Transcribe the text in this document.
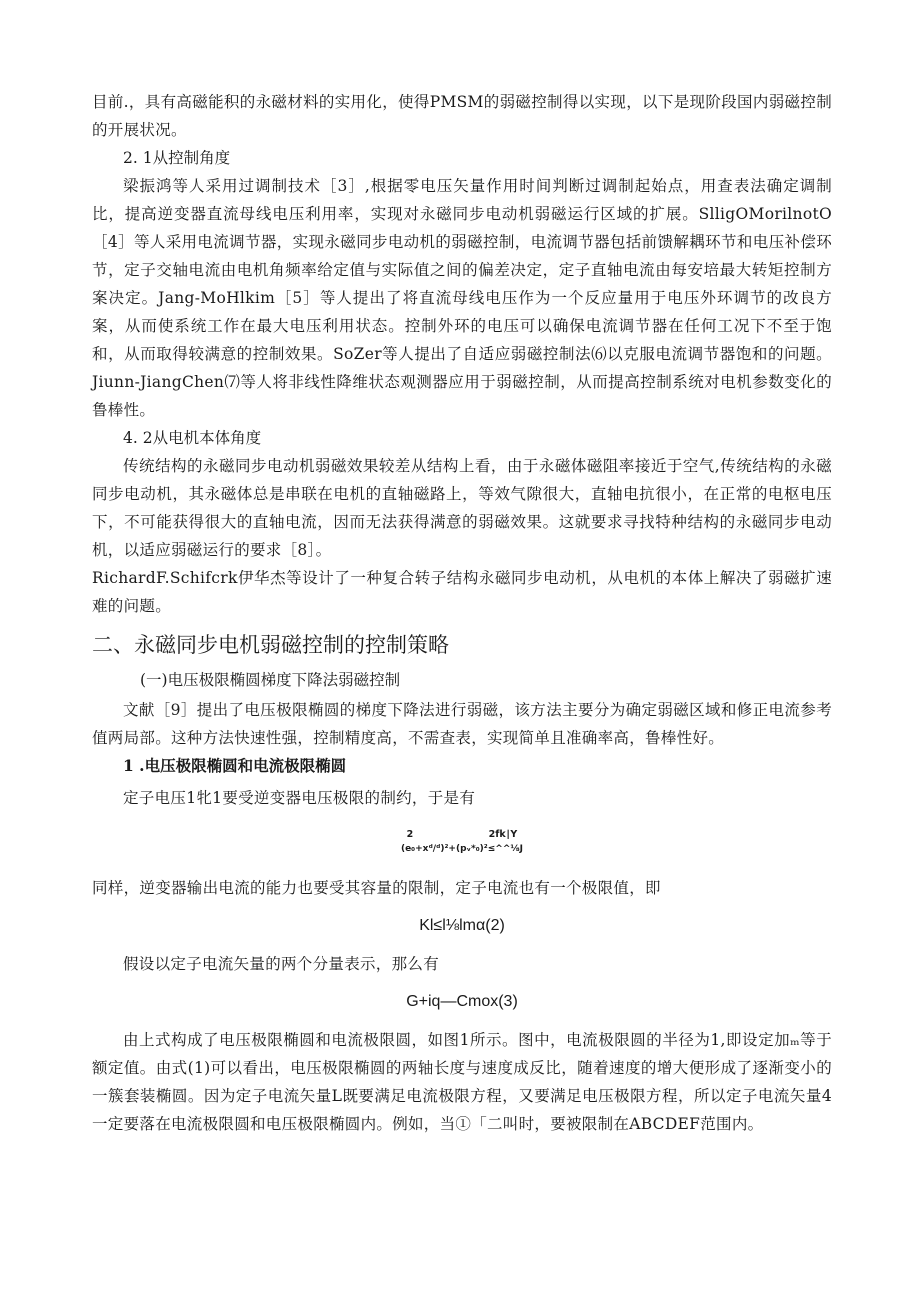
目前.，具有高磁能积的永磁材料的实用化，使得PMSM的弱磁控制得以实现，以下是现阶段国内弱磁控制的开展状况。

2. 1从控制角度

梁振鸿等人采用过调制技术［3］,根据零电压矢量作用时间判断过调制起始点，用查表法确定调制比，提高逆变器直流母线电压利用率，实现对永磁同步电动机弱磁运行区域的扩展。SlligOMorilnotO［4］等人采用电流调节器，实现永磁同步电动机的弱磁控制，电流调节器包括前馈解耦环节和电压补偿环节，定子交轴电流由电机角频率给定值与实际值之间的偏差决定，定子直轴电流由每安培最大转矩控制方案决定。Jang-MoHlkim［5］等人提出了将直流母线电压作为一个反应量用于电压外环调节的改良方案，从而使系统工作在最大电压利用状态。控制外环的电压可以确保电流调节器在任何工况下不至于饱和，从而取得较满意的控制效果。SoZer等人提出了自适应弱磁控制法⑹以克服电流调节器饱和的问题。Jiunn-JiangChen⑺等人将非线性降维状态观测器应用于弱磁控制，从而提高控制系统对电机参数变化的鲁棒性。

4. 2从电机本体角度

传统结构的永磁同步电动机弱磁效果较差从结构上看，由于永磁体磁阻率接近于空气,传统结构的永磁同步电动机，其永磁体总是串联在电机的直轴磁路上，等效气隙很大，直轴电抗很小，在正常的电枢电压下，不可能获得很大的直轴电流，因而无法获得满意的弱磁效果。这就要求寻找特种结构的永磁同步电动机，以适应弱磁运行的要求［8］。

RichardF.Schifcrk伊华杰等设计了一种复合转子结构永磁同步电动机，从电机的本体上解决了弱磁扩速难的问题。

二、永磁同步电机弱磁控制的控制策略
(一)电压极限椭圆梯度下降法弱磁控制

文献［9］提出了电压极限椭圆的梯度下降法进行弱磁，该方法主要分为确定弱磁区域和修正电流参考值两局部。这种方法快速性强，控制精度高，不需查表，实现简单且准确率高，鲁棒性好。

1 .电压极限椭圆和电流极限椭圆

定子电压1牝1要受逆变器电压极限的制约，于是有

2	2fk∣Y
(e₀+xᵈ∕ᵈ)²+(pᵥ*₀)²≤^^⅛J

同样，逆变器输出电流的能力也要受其容量的限制，定子电流也有一个极限值，即

Kl≤l⅛lmα(2)

假设以定子电流矢量的两个分量表示，那么有

G+iq—Cmox(3)

由上式构成了电压极限椭圆和电流极限圆，如图1所示。图中，电流极限圆的半径为1,即设定加ₘ等于额定值。由式(1)可以看出，电压极限椭圆的两轴长度与速度成反比，随着速度的增大便形成了逐渐变小的一簇套装椭圆。因为定子电流矢量L既要满足电流极限方程，又要满足电压极限方程，所以定子电流矢量4一定要落在电流极限圆和电压极限椭圆内。例如，当①「二叫时，要被限制在ABCDEF范围内。
